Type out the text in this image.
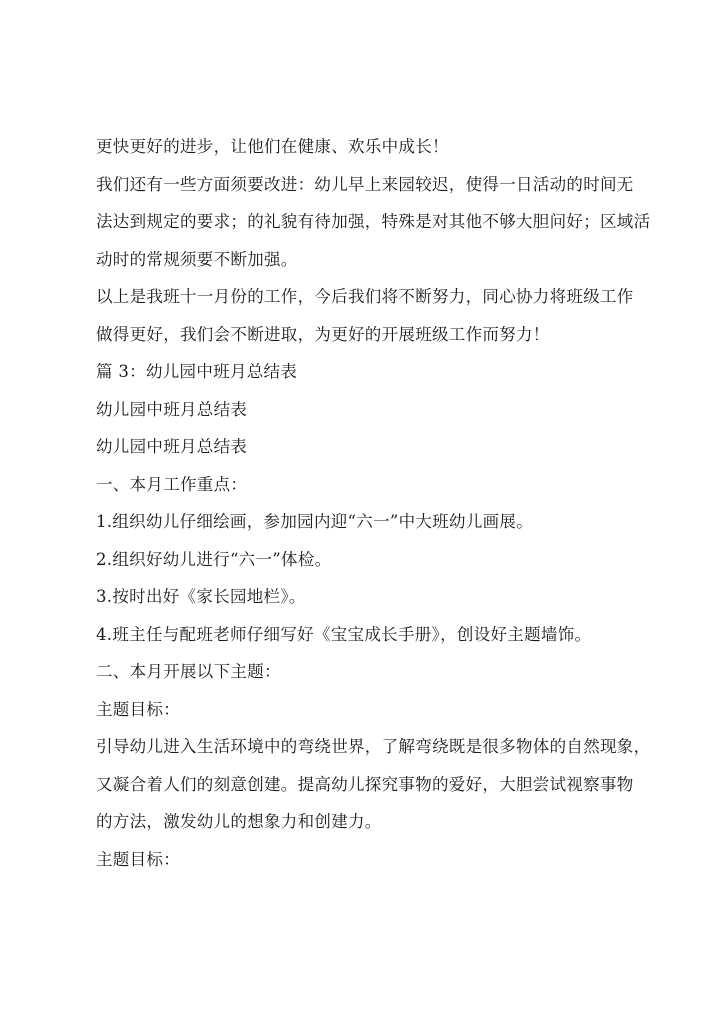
更快更好的进步，让他们在健康、欢乐中成长！
我们还有一些方面须要改进：幼儿早上来园较迟，使得一日活动的时间无
法达到规定的要求；的礼貌有待加强，特殊是对其他不够大胆问好；区域活
动时的常规须要不断加强。
以上是我班十一月份的工作，今后我们将不断努力，同心协力将班级工作
做得更好，我们会不断进取，为更好的开展班级工作而努力！
篇 3：幼儿园中班月总结表
幼儿园中班月总结表
幼儿园中班月总结表
一、本月工作重点：
1.组织幼儿仔细绘画，参加园内迎“六一”中大班幼儿画展。
2.组织好幼儿进行“六一”体检。
3.按时出好《家长园地栏》。
4.班主任与配班老师仔细写好《宝宝成长手册》，创设好主题墙饰。
二、本月开展以下主题：
主题目标：
引导幼儿进入生活环境中的弯绕世界，了解弯绕既是很多物体的自然现象，
又凝合着人们的刻意创建。提高幼儿探究事物的爱好，大胆尝试视察事物
的方法，激发幼儿的想象力和创建力。
主题目标：
